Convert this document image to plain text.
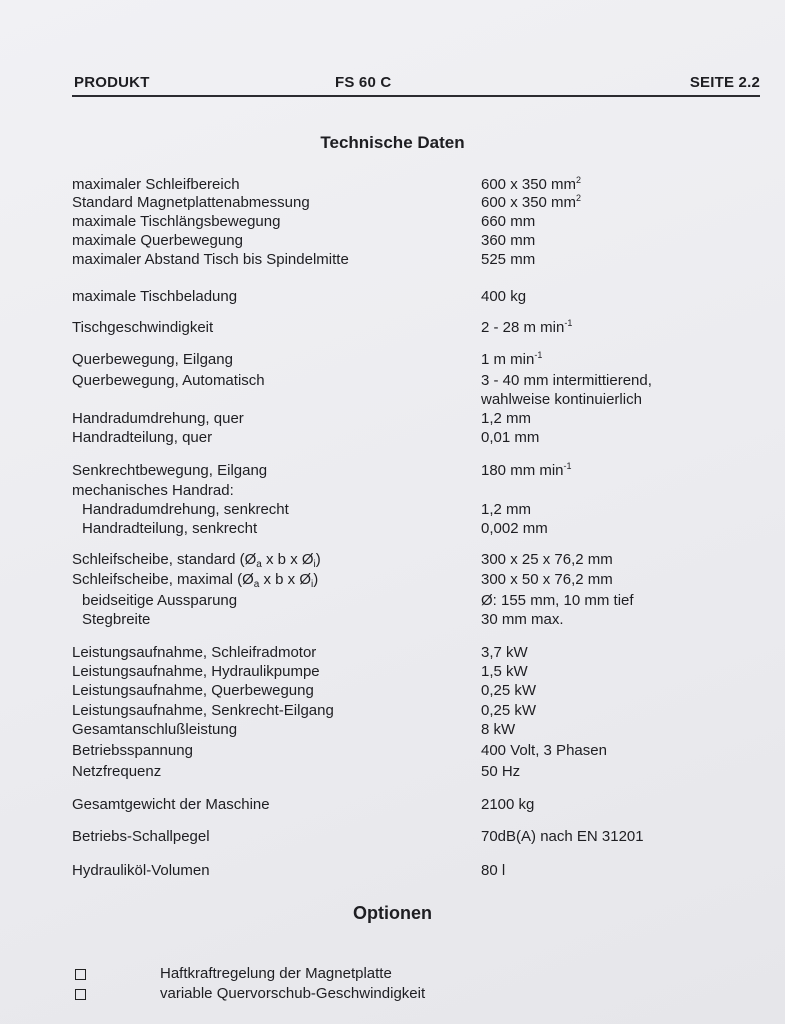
PRODUKT	FS 60 C	SEITE 2.2
Technische Daten
maximaler Schleifbereich	600 x 350 $mm^2$
Standard Magnetplattenabmessung	600 x 350 $mm^2$
maximale Tischlängsbewegung	660 mm
maximale Querbewegung	360 mm
maximaler Abstand Tisch bis Spindelmitte	525 mm
maximale Tischbeladung	400 kg
Tischgeschwindigkeit	2 - 28 m $\min^{-1}$
Querbewegung, Eilgang	1 m $\min^{-1}$
Querbewegung, Automatisch	3 - 40 mm intermittierend,
wahlweise kontinuierlich
Handradumdrehung, quer	1,2 mm
Handradteilung, quer	0,01 mm
Senkrechtbewegung, Eilgang	180 mm $\min^{-1}$
mechanisches Handrad:
Handradumdrehung, senkrecht	1,2 mm
Handradteilung, senkrecht	0,002 mm
Schleifscheibe, standard ($Ø_a$ x b x $Ø_i$)	300 x 25 x 76,2 mm
Schleifscheibe, maximal ($Ø_a$ x b x $Ø_i$)	300 x 50 x 76,2 mm
beidseitige Aussparung	Ø: 155 mm, 10 mm tief
Stegbreite	30 mm max.
Leistungsaufnahme, Schleifradmotor	3,7 kW
Leistungsaufnahme, Hydraulikpumpe	1,5 kW
Leistungsaufnahme, Querbewegung	0,25 kW
Leistungsaufnahme, Senkrecht-Eilgang	0,25 kW
Gesamtanschlußleistung	8 kW
Betriebsspannung	400 Volt, 3 Phasen
Netzfrequenz	50 Hz
Gesamtgewicht der Maschine	2100 kg
Betriebs-Schallpegel	70dB(A) nach EN 31201
Hydrauliköl-Volumen	80 l
Optionen
Haftkraftregelung der Magnetplatte
variable Quervorschub-Geschwindigkeit
